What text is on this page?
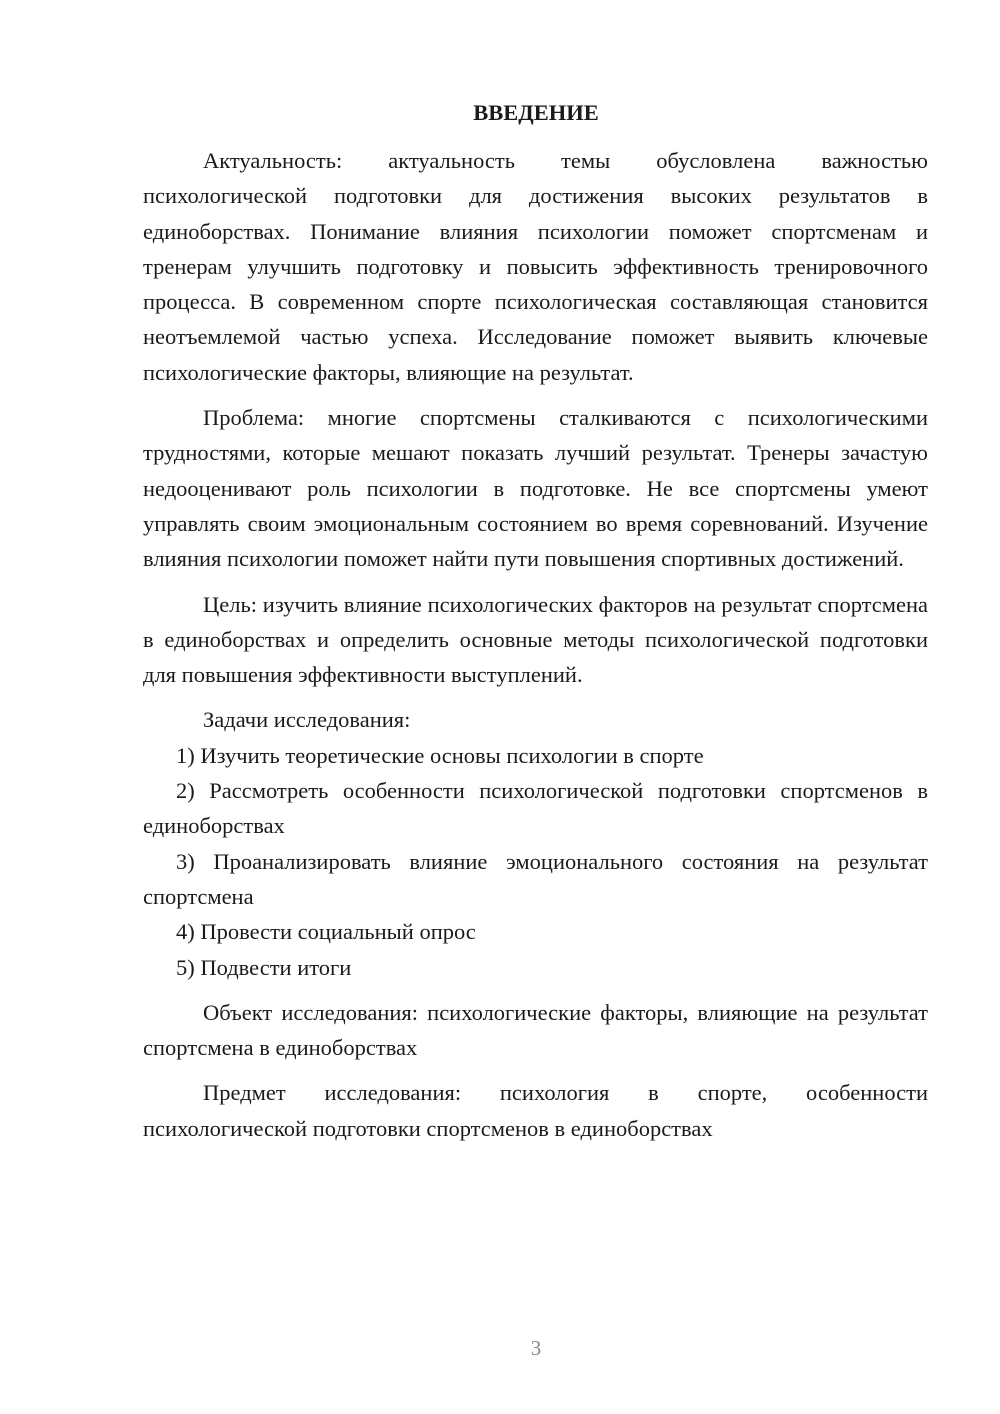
ВВЕДЕНИЕ

Актуальность: актуальность темы обусловлена важностью психологической подготовки для достижения высоких результатов в единоборствах. Понимание влияния психологии поможет спортсменам и тренерам улучшить подготовку и повысить эффективность тренировочного процесса. В современном спорте психологическая составляющая становится неотъемлемой частью успеха. Исследование поможет выявить ключевые психологические факторы, влияющие на результат.

Проблема: многие спортсмены сталкиваются с психологическими трудностями, которые мешают показать лучший результат. Тренеры зачастую недооценивают роль психологии в подготовке. Не все спортсмены умеют управлять своим эмоциональным состоянием во время соревнований. Изучение влияния психологии поможет найти пути повышения спортивных достижений.

Цель: изучить влияние психологических факторов на результат спортсмена в единоборствах и определить основные методы психологической подготовки для повышения эффективности выступлений.

Задачи исследования:

1) Изучить теоретические основы психологии в спорте

2) Рассмотреть особенности психологической подготовки спортсменов в единоборствах

3) Проанализировать влияние эмоционального состояния на результат спортсмена

4) Провести социальный опрос

5) Подвести итоги

Объект исследования: психологические факторы, влияющие на результат спортсмена в единоборствах

Предмет исследования: психология в спорте, особенности психологической подготовки спортсменов в единоборствах

3
